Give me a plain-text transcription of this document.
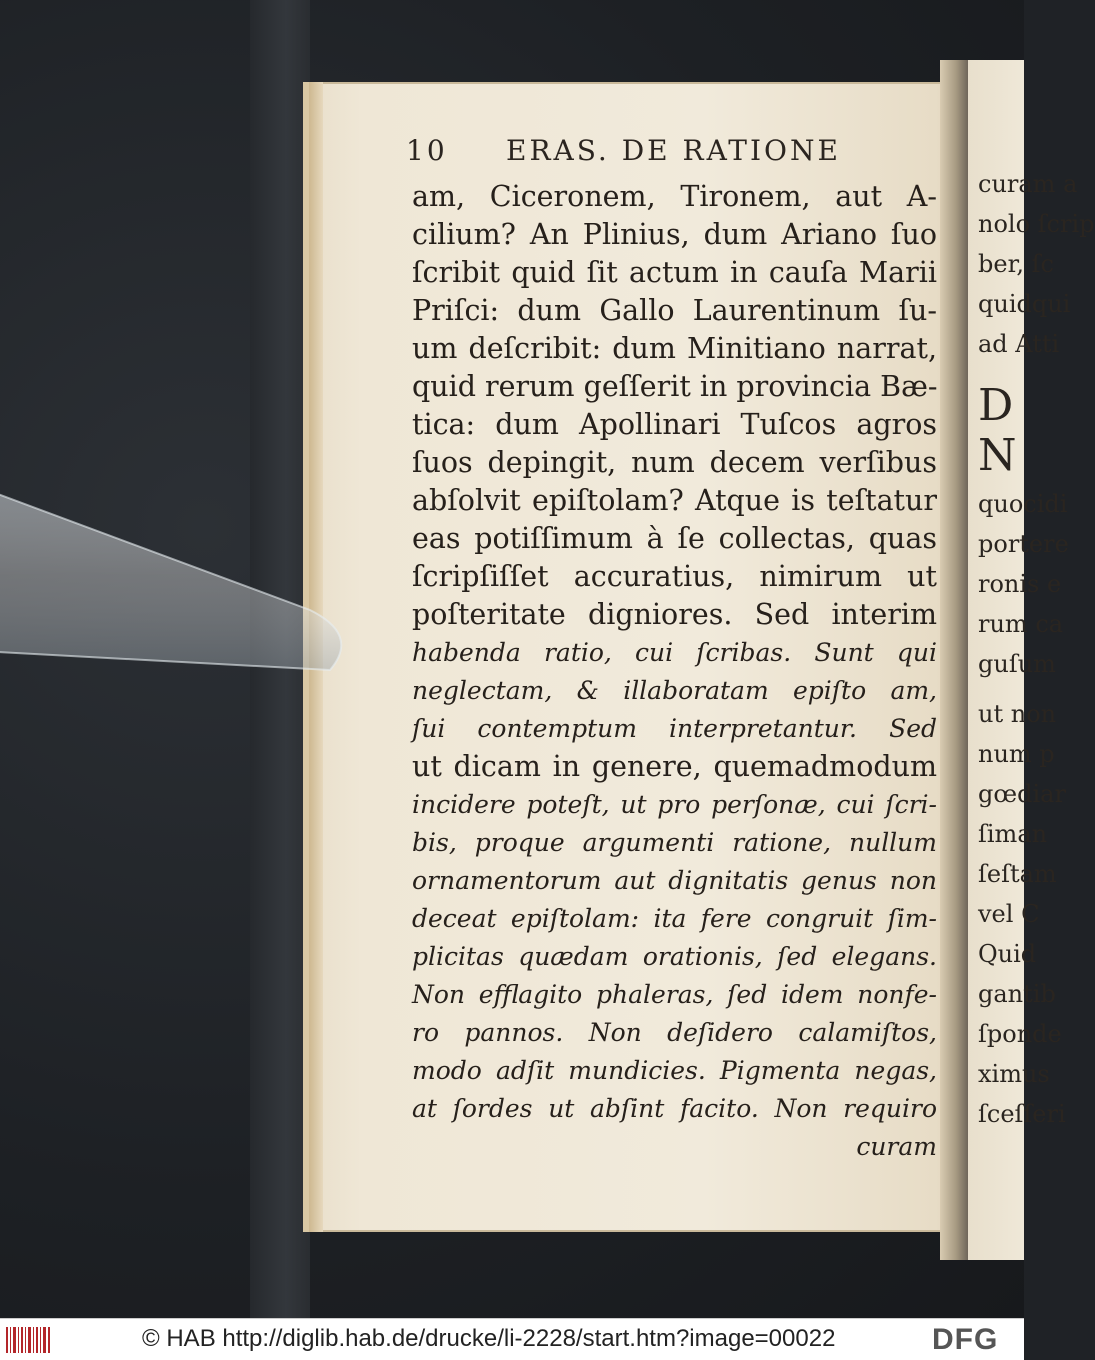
curam a
nolo ſcrip
ber, ſc
quidqui
ad Atti
D
N
quocidi
portere
ronis e
rum ca
guſum
ut non
num p
gœdiar
ſiman
ſeſtam
vel C
Quid
gantib
ſponde
ximus
ſceſſeri
10 ERAS. DE RATIONE
am, Ciceronem, Tironem, aut A-
cilium? An Plinius, dum Ariano ſuo
ſcribit quid ſit actum in cauſa Marii
Priſci: dum Gallo Laurentinum ſu-
um deſcribit: dum Minitiano narrat,
quid rerum geſſerit in provincia Bæ-
tica: dum Apollinari Tuſcos agros
ſuos depingit, num decem verſibus
abſolvit epiſtolam? Atque is teſtatur
eas potiſſimum à ſe collectas, quas
ſcripſiſſet accuratius, nimirum ut
poſteritate digniores. Sed interim
habenda ratio, cui ſcribas. Sunt qui
neglectam, & illaboratam epiſto am,
ſui contemptum interpretantur. Sed
ut dicam in genere, quemadmodum
incidere poteſt, ut pro perſonæ, cui ſcri-
bis, proque argumenti ratione, nullum
ornamentorum aut dignitatis genus non
deceat epiſtolam: ita fere congruit ſim-
plicitas quædam orationis, ſed elegans.
Non efflagito phaleras, ſed idem nonfe-
ro pannos. Non deſidero calamiſtos,
modo adſit mundicies. Pigmenta negas,
at ſordes ut abſint facito. Non requiro
curam
© HAB http://diglib.hab.de/drucke/li-2228/start.htm?image=00022	DFG
